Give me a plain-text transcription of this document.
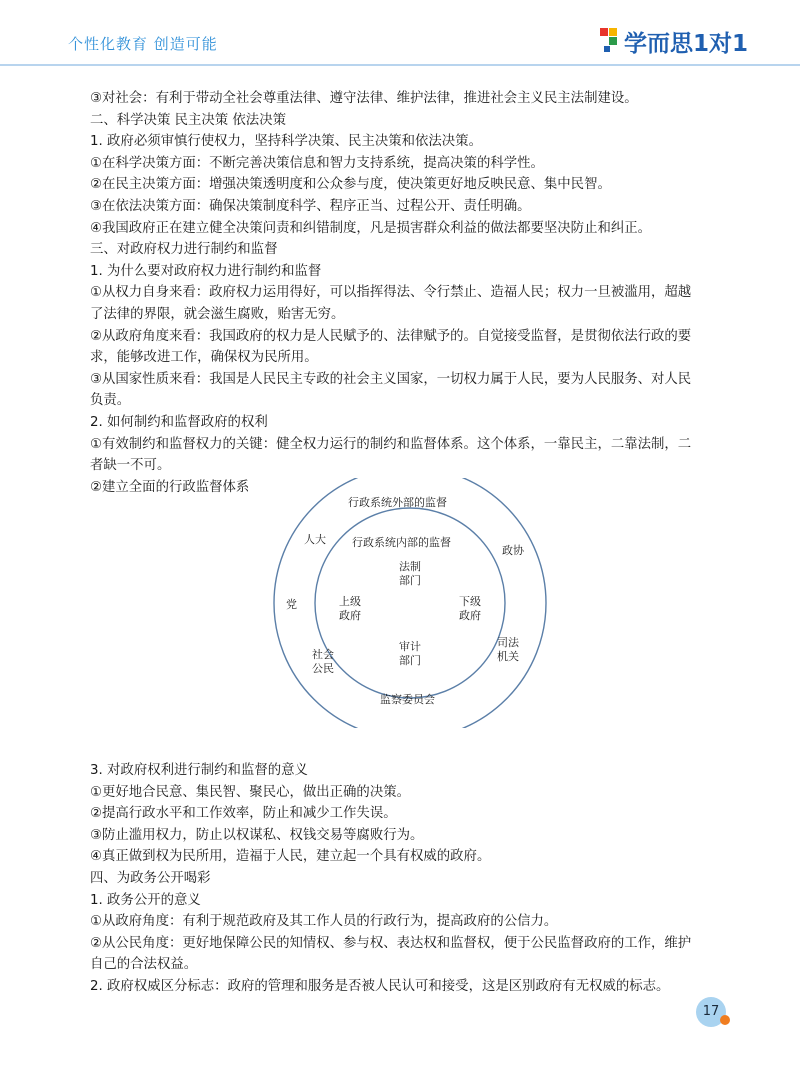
个性化教育 创造可能	学而思1对1
③对社会：有利于带动全社会尊重法律、遵守法律、维护法律，推进社会主义民主法制建设。
二、科学决策 民主决策 依法决策
1. 政府必须审慎行使权力，坚持科学决策、民主决策和依法决策。
①在科学决策方面：不断完善决策信息和智力支持系统，提高决策的科学性。
②在民主决策方面：增强决策透明度和公众参与度，使决策更好地反映民意、集中民智。
③在依法决策方面：确保决策制度科学、程序正当、过程公开、责任明确。
④我国政府正在建立健全决策问责和纠错制度，凡是损害群众利益的做法都要坚决防止和纠正。
三、对政府权力进行制约和监督
1. 为什么要对政府权力进行制约和监督
①从权力自身来看：政府权力运用得好，可以指挥得法、令行禁止、造福人民；权力一旦被滥用，超越
了法律的界限，就会滋生腐败，贻害无穷。
②从政府角度来看：我国政府的权力是人民赋予的、法律赋予的。自觉接受监督，是贯彻依法行政的要
求，能够改进工作，确保权为民所用。
③从国家性质来看：我国是人民民主专政的社会主义国家，一切权力属于人民，要为人民服务、对人民
负责。
2. 如何制约和监督政府的权利
①有效制约和监督权力的关键：健全权力运行的制约和监督体系。这个体系，一靠民主，二靠法制，二
者缺一不可。
②建立全面的行政监督体系
行政系统外部的监督
行政系统内部的监督
人大
政协
党
司法机关
社会公民
监察委员会
法制部门
上级政府
下级政府
审计部门
3. 对政府权利进行制约和监督的意义
①更好地合民意、集民智、聚民心，做出正确的决策。
②提高行政水平和工作效率，防止和减少工作失误。
③防止滥用权力，防止以权谋私、权钱交易等腐败行为。
④真正做到权为民所用，造福于人民，建立起一个具有权威的政府。
四、为政务公开喝彩
1. 政务公开的意义
①从政府角度：有利于规范政府及其工作人员的行政行为，提高政府的公信力。
②从公民角度：更好地保障公民的知情权、参与权、表达权和监督权，便于公民监督政府的工作，维护
自己的合法权益。
2. 政府权威区分标志：政府的管理和服务是否被人民认可和接受，这是区别政府有无权威的标志。
17
